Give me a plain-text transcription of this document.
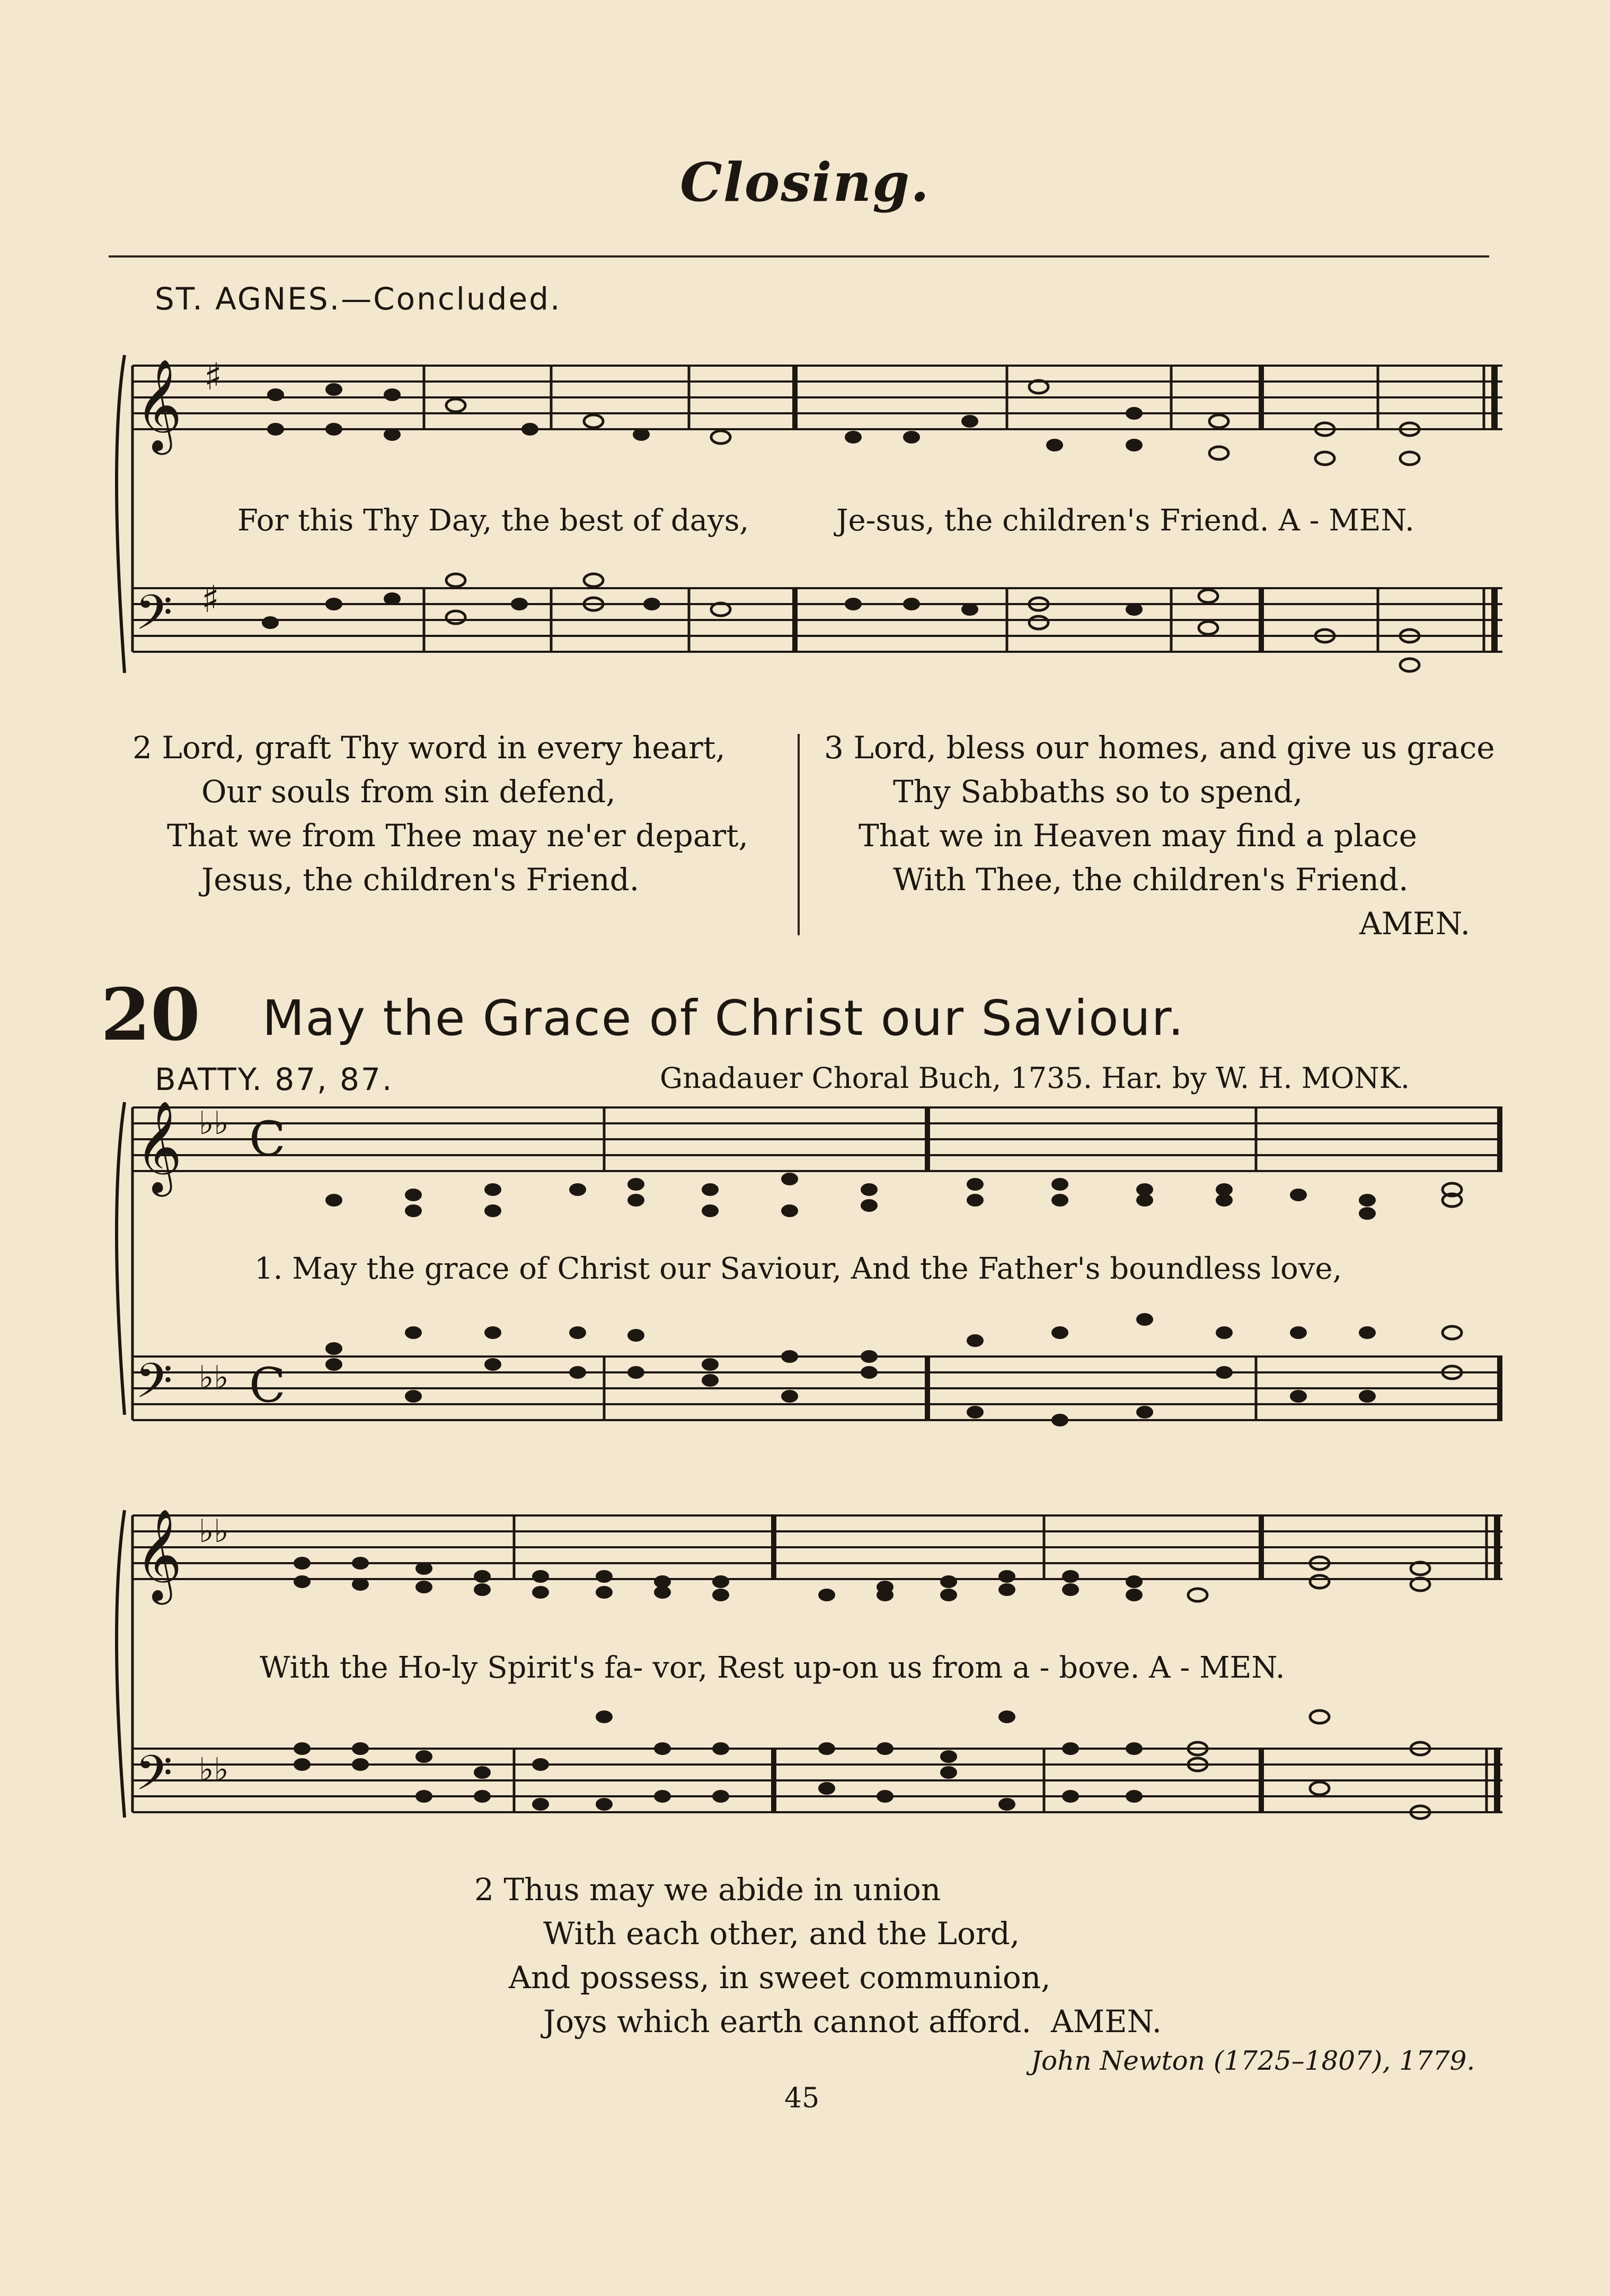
Closing.
ST. AGNES.—Concluded.
𝄞
𝄢
♯
♯
𝄞
𝄢
♭♭
♭♭
C
C
𝄞
𝄢
♭♭
♭♭
For this Thy Day, the best of days,	Je-sus, the children's Friend. A - MEN.
2 Lord, graft Thy word in every heart,
Our souls from sin defend,
That we from Thee may ne'er depart,
Jesus, the children's Friend.
3 Lord, bless our homes, and give us grace
Thy Sabbaths so to spend,
That we in Heaven may find a place
With Thee, the children's Friend.
AMEN.
20 May the Grace of Christ our Saviour.
BATTY. 87, 87.	Gnadauer Choral Buch, 1735. Har. by W. H. MONK.
1. May the grace of Christ our Saviour, And the Father's boundless love,
With the Ho-ly Spirit's fa- vor, Rest up-on us from a - bove. A - MEN.
2 Thus may we abide in union
With each other, and the Lord,
And possess, in sweet communion,
Joys which earth cannot afford. AMEN.
John Newton (1725–1807), 1779.
45
